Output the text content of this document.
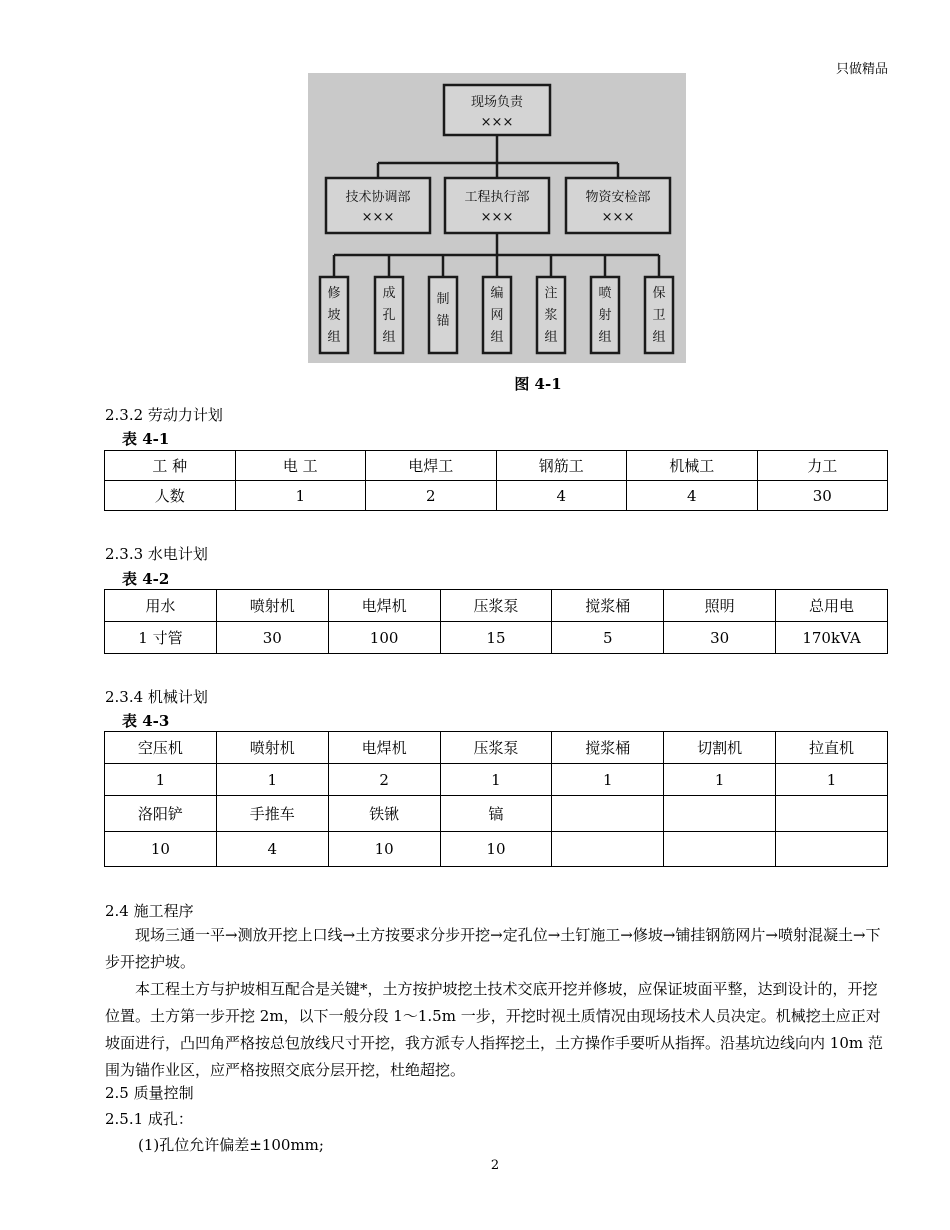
只做精品
现场负责
×××
技术协调部
×××
工程执行部
×××
物资安检部
×××
修坡组
成孔组
制锚
编网组
注浆组
喷射组
保卫组
图 4-1
2.3.2 劳动力计划
表 4-1
工 种	电 工	电焊工	钢筋工	机械工	力工
人数	1	2	4	4	30
2.3.3 水电计划
表 4-2
用水	喷射机	电焊机	压浆泵	搅浆桶	照明	总用电
1 寸管	30	100	15	5	30	170kVA
2.3.4 机械计划
表 4-3
空压机	喷射机	电焊机	压浆泵	搅浆桶	切割机	拉直机
1	1	2	1	1	1	1
洛阳铲	手推车	铁锹	镐			
10	4	10	10			
2.4 施工程序
现场三通一平→测放开挖上口线→土方按要求分步开挖→定孔位→土钉施工→修坡→铺挂钢筋网片→喷射混凝土→下步开挖护坡。
本工程土方与护坡相互配合是关键*，土方按护坡挖土技术交底开挖并修坡，应保证坡面平整，达到设计的，开挖位置。土方第一步开挖 2m，以下一般分段 1～1.5m 一步，开挖时视土质情况由现场技术人员决定。机械挖土应正对坡面进行，凸凹角严格按总包放线尺寸开挖，我方派专人指挥挖土，土方操作手要听从指挥。沿基坑边线向内 10m 范围为锚作业区，应严格按照交底分层开挖，杜绝超挖。
2.5 质量控制
2.5.1 成孔：
(1)孔位允许偏差±100mm;
2
